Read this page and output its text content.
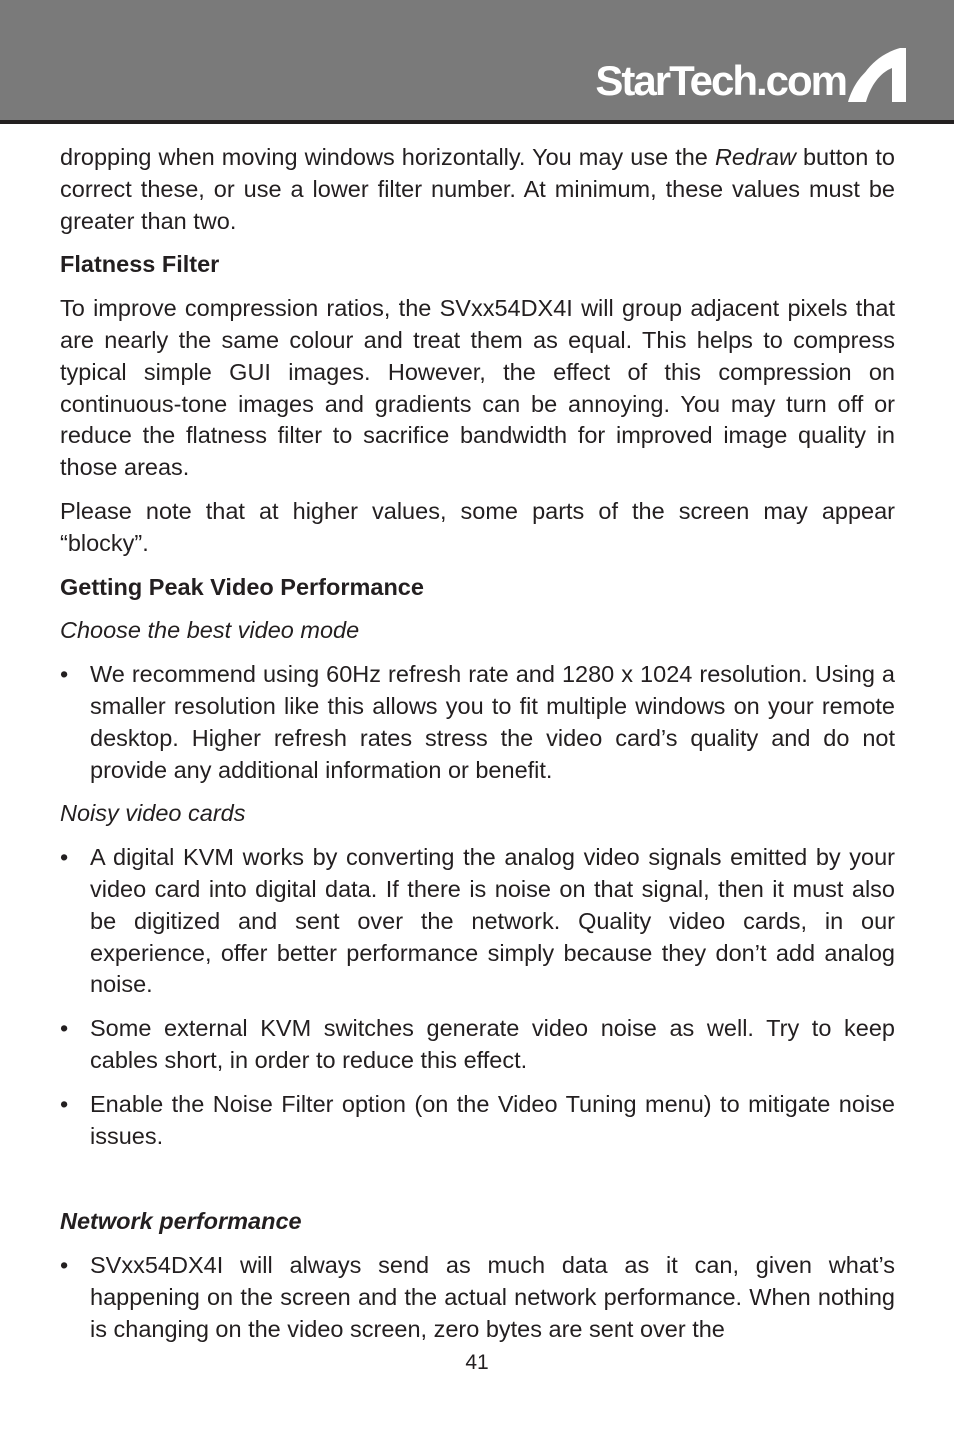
StarTech.com

dropping when moving windows horizontally. You may use the Redraw button to correct these, or use a lower filter number. At minimum, these values must be greater than two.

Flatness Filter

To improve compression ratios, the SVxx54DX4I will group adjacent pixels that are nearly the same colour and treat them as equal. This helps to compress typical simple GUI images. However, the effect of this compression on continuous-tone images and gradients can be annoying. You may turn off or reduce the flatness filter to sacrifice bandwidth for improved image quality in those areas.

Please note that at higher values, some parts of the screen may appear “blocky”.

Getting Peak Video Performance

Choose the best video mode

• We recommend using 60Hz refresh rate and 1280 x 1024 resolution. Using a smaller resolution like this allows you to fit multiple windows on your remote desktop. Higher refresh rates stress the video card’s quality and do not provide any additional information or benefit.

Noisy video cards

• A digital KVM works by converting the analog video signals emitted by your video card into digital data. If there is noise on that signal, then it must also be digitized and sent over the network. Quality video cards, in our experience, offer better performance simply because they don’t add analog noise.
• Some external KVM switches generate video noise as well. Try to keep cables short, in order to reduce this effect.
• Enable the Noise Filter option (on the Video Tuning menu) to mitigate noise issues.

Network performance

• SVxx54DX4I will always send as much data as it can, given what’s happening on the screen and the actual network performance. When nothing is changing on the video screen, zero bytes are sent over the
41
